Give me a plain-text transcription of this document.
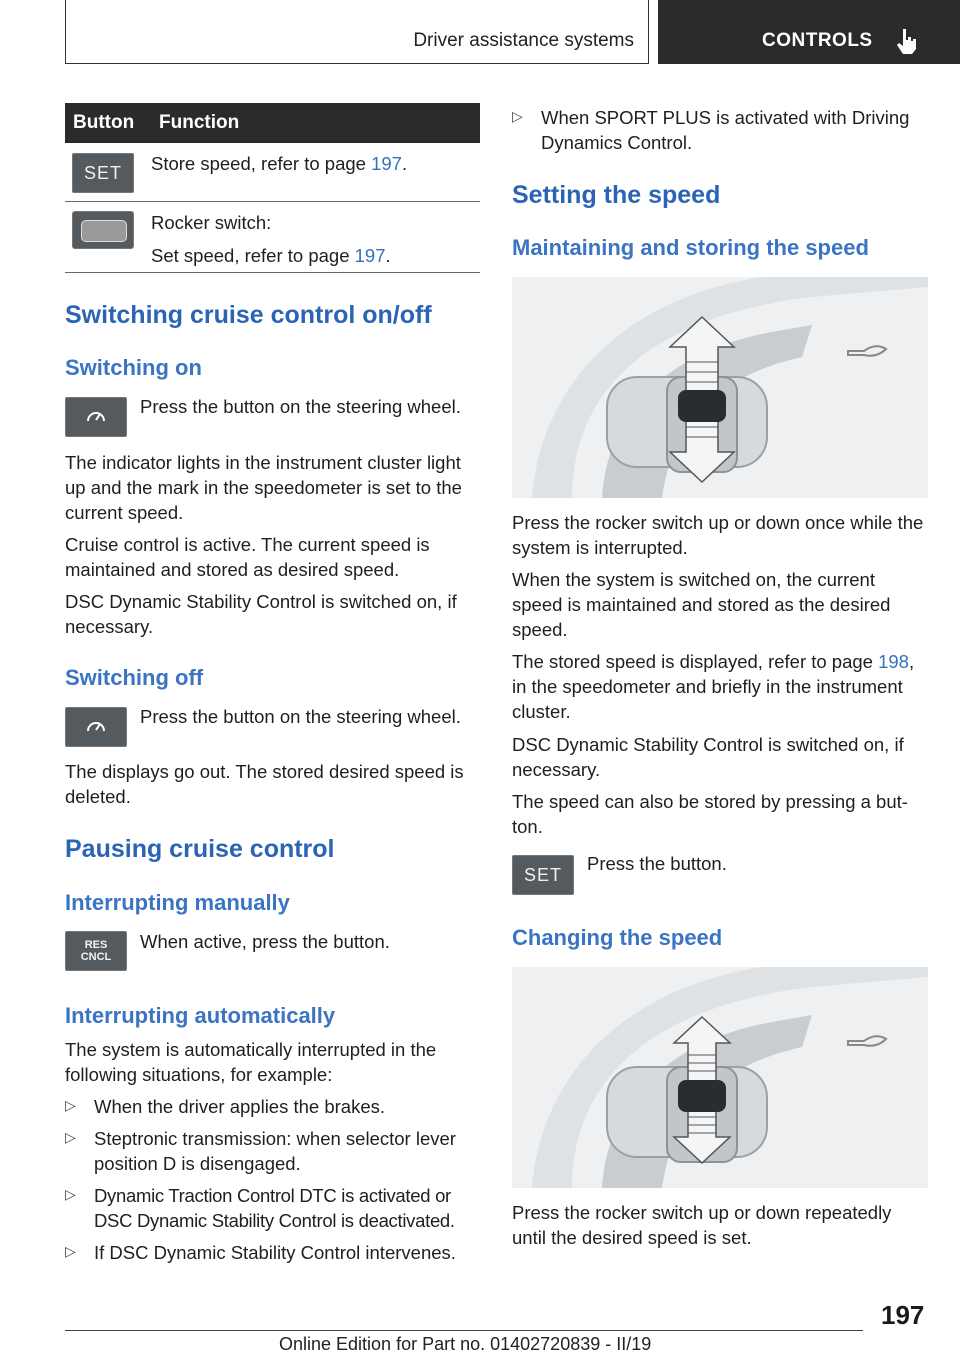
Driver assistance systems	CONTROLS
Button	Function
SET Store speed, refer to page 197.

Rocker switch:

Set speed, refer to page 197.

Switching cruise control on/off
Switching on

Press the button on the steering wheel.

The indicator lights in the instrument cluster light up and the mark in the speedometer is set to the current speed.

Cruise control is active. The current speed is maintained and stored as desired speed.

DSC Dynamic Stability Control is switched on, if necessary.

Switching off

Press the button on the steering wheel.

The displays go out. The stored desired speed is deleted.

Pausing cruise control
Interrupting manually
RES
CNCL

When active, press the button.

Interrupting automatically

The system is automatically interrupted in the following situations, for example:

▷ When the driver applies the brakes.
▷ Steptronic transmission: when selector lever position D is disengaged.
▷ Dynamic Traction Control DTC is activated or DSC Dynamic Stability Control is deactivated.
▷ If DSC Dynamic Stability Control intervenes.
▷ When SPORT PLUS is activated with Driving Dynamics Control.
Setting the speed
Maintaining and storing the speed

Press the rocker switch up or down once while the system is interrupted.

When the system is switched on, the current speed is maintained and stored as the desired speed.

The stored speed is displayed, refer to page 198, in the speedometer and briefly in the instrument cluster.

DSC Dynamic Stability Control is switched on, if necessary.

The speed can also be stored by pressing a but‐ton.

SET

Press the button.

Changing the speed

Press the rocker switch up or down repeatedly until the desired speed is set.

197
Online Edition for Part no. 01402720839 - II/19
